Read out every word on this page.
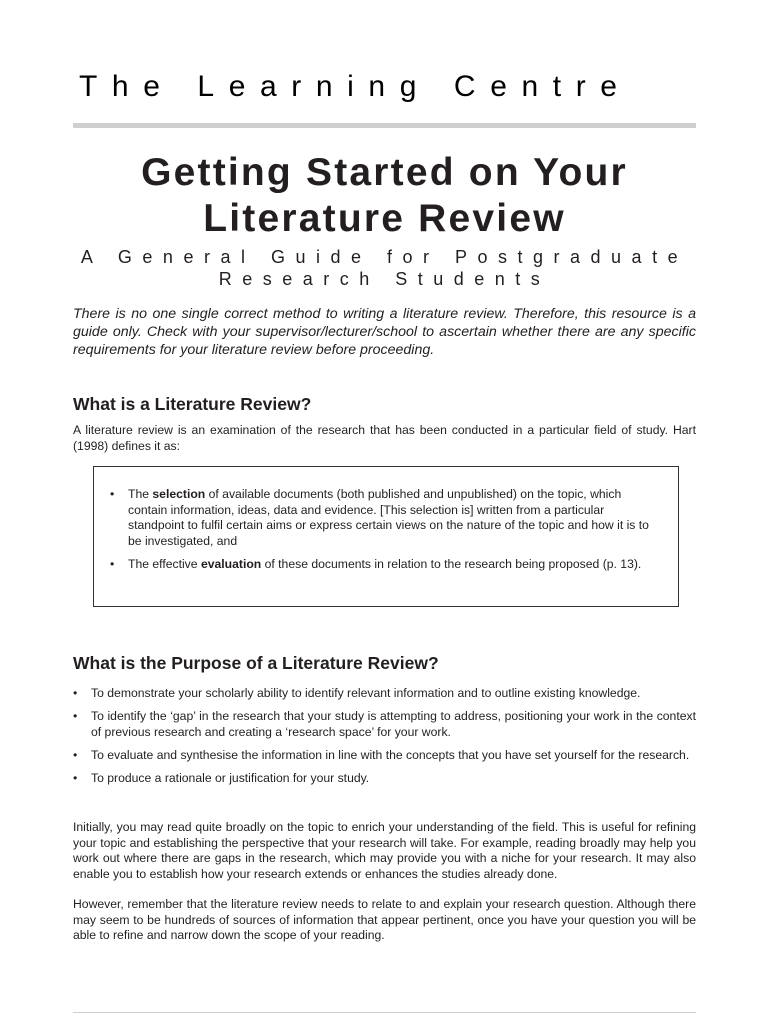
The Learning Centre
Getting Started on Your
Literature Review
A General Guide for Postgraduate
Research Students
There is no one single correct method to writing a literature review. Therefore, this resource is a guide only. Check with your supervisor/lecturer/school to ascertain whether there are any specific requirements for your literature review before proceeding.
What is a Literature Review?
A literature review is an examination of the research that has been conducted in a particular field of study. Hart (1998) defines it as:
• The selection of available documents (both published and unpublished) on the topic, which contain information, ideas, data and evidence. [This selection is] written from a particular standpoint to fulfil certain aims or express certain views on the nature of the topic and how it is to be investigated, and
• The effective evaluation of these documents in relation to the research being proposed (p. 13).
What is the Purpose of a Literature Review?
• To demonstrate your scholarly ability to identify relevant information and to outline existing knowledge.
• To identify the ‘gap’ in the research that your study is attempting to address, positioning your work in the context of previous research and creating a ‘research space’ for your work.
• To evaluate and synthesise the information in line with the concepts that you have set yourself for the research.
• To produce a rationale or justification for your study.
Initially, you may read quite broadly on the topic to enrich your understanding of the field. This is useful for refining your topic and establishing the perspective that your research will take. For example, reading broadly may help you work out where there are gaps in the research, which may provide you with a niche for your research. It may also enable you to establish how your research extends or enhances the studies already done.
However, remember that the literature review needs to relate to and explain your research question. Although there may seem to be hundreds of sources of information that appear pertinent, once you have your question you will be able to refine and narrow down the scope of your reading.
